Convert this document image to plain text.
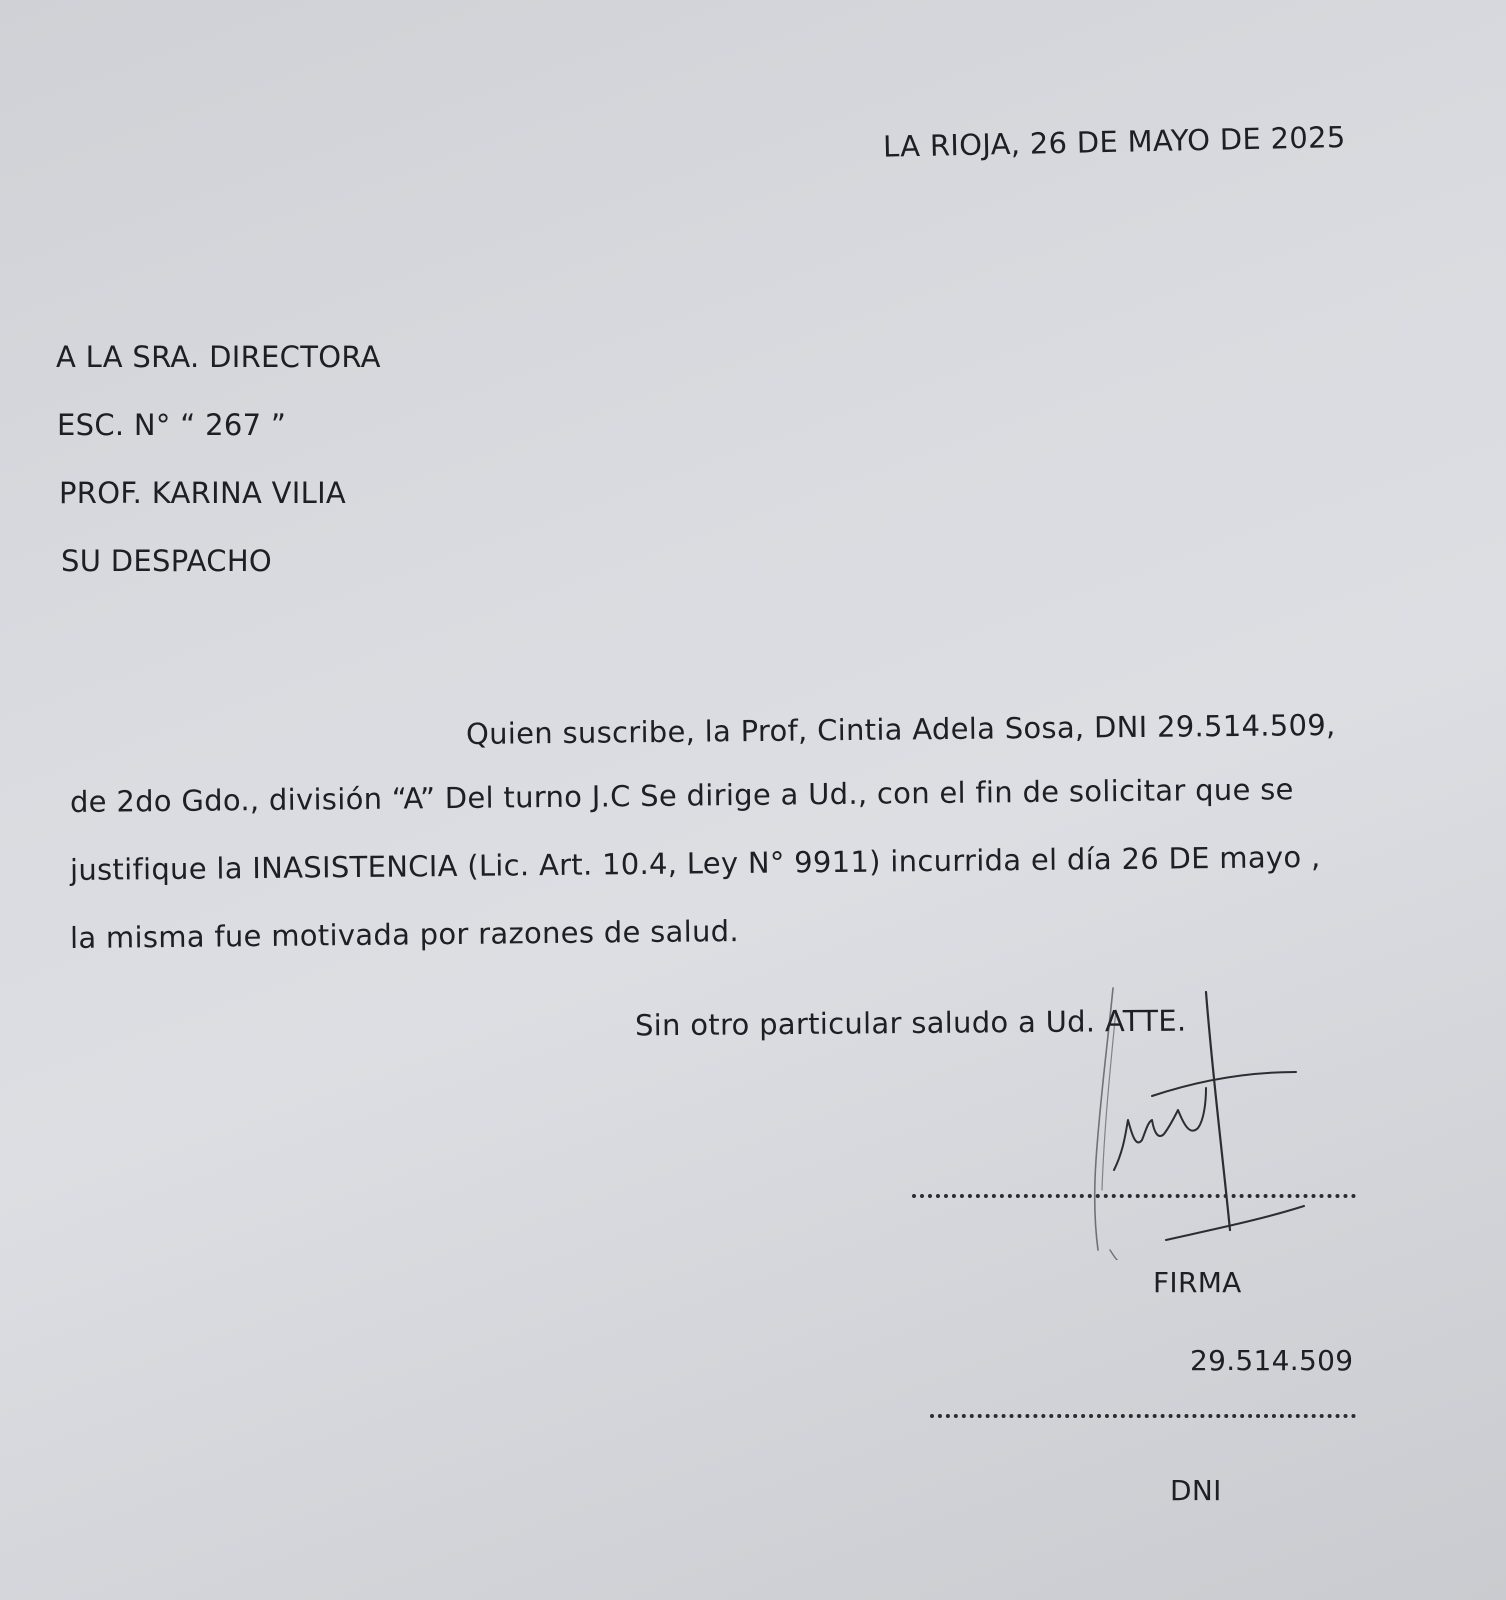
LA RIOJA, 26 DE MAYO DE 2025
A LA SRA. DIRECTORA
ESC. N° “ 267 ”
PROF. KARINA VILIA
SU DESPACHO
Quien suscribe, la Prof, Cintia Adela Sosa, DNI 29.514.509,
de 2do Gdo., división “A” Del turno J.C Se dirige a Ud., con el fin de solicitar que se
justifique la INASISTENCIA (Lic. Art. 10.4, Ley N° 9911) incurrida el día 26 DE mayo ,
la misma fue motivada por razones de salud.
Sin otro particular saludo a Ud. ATTE.
FIRMA
29.514.509
DNI
